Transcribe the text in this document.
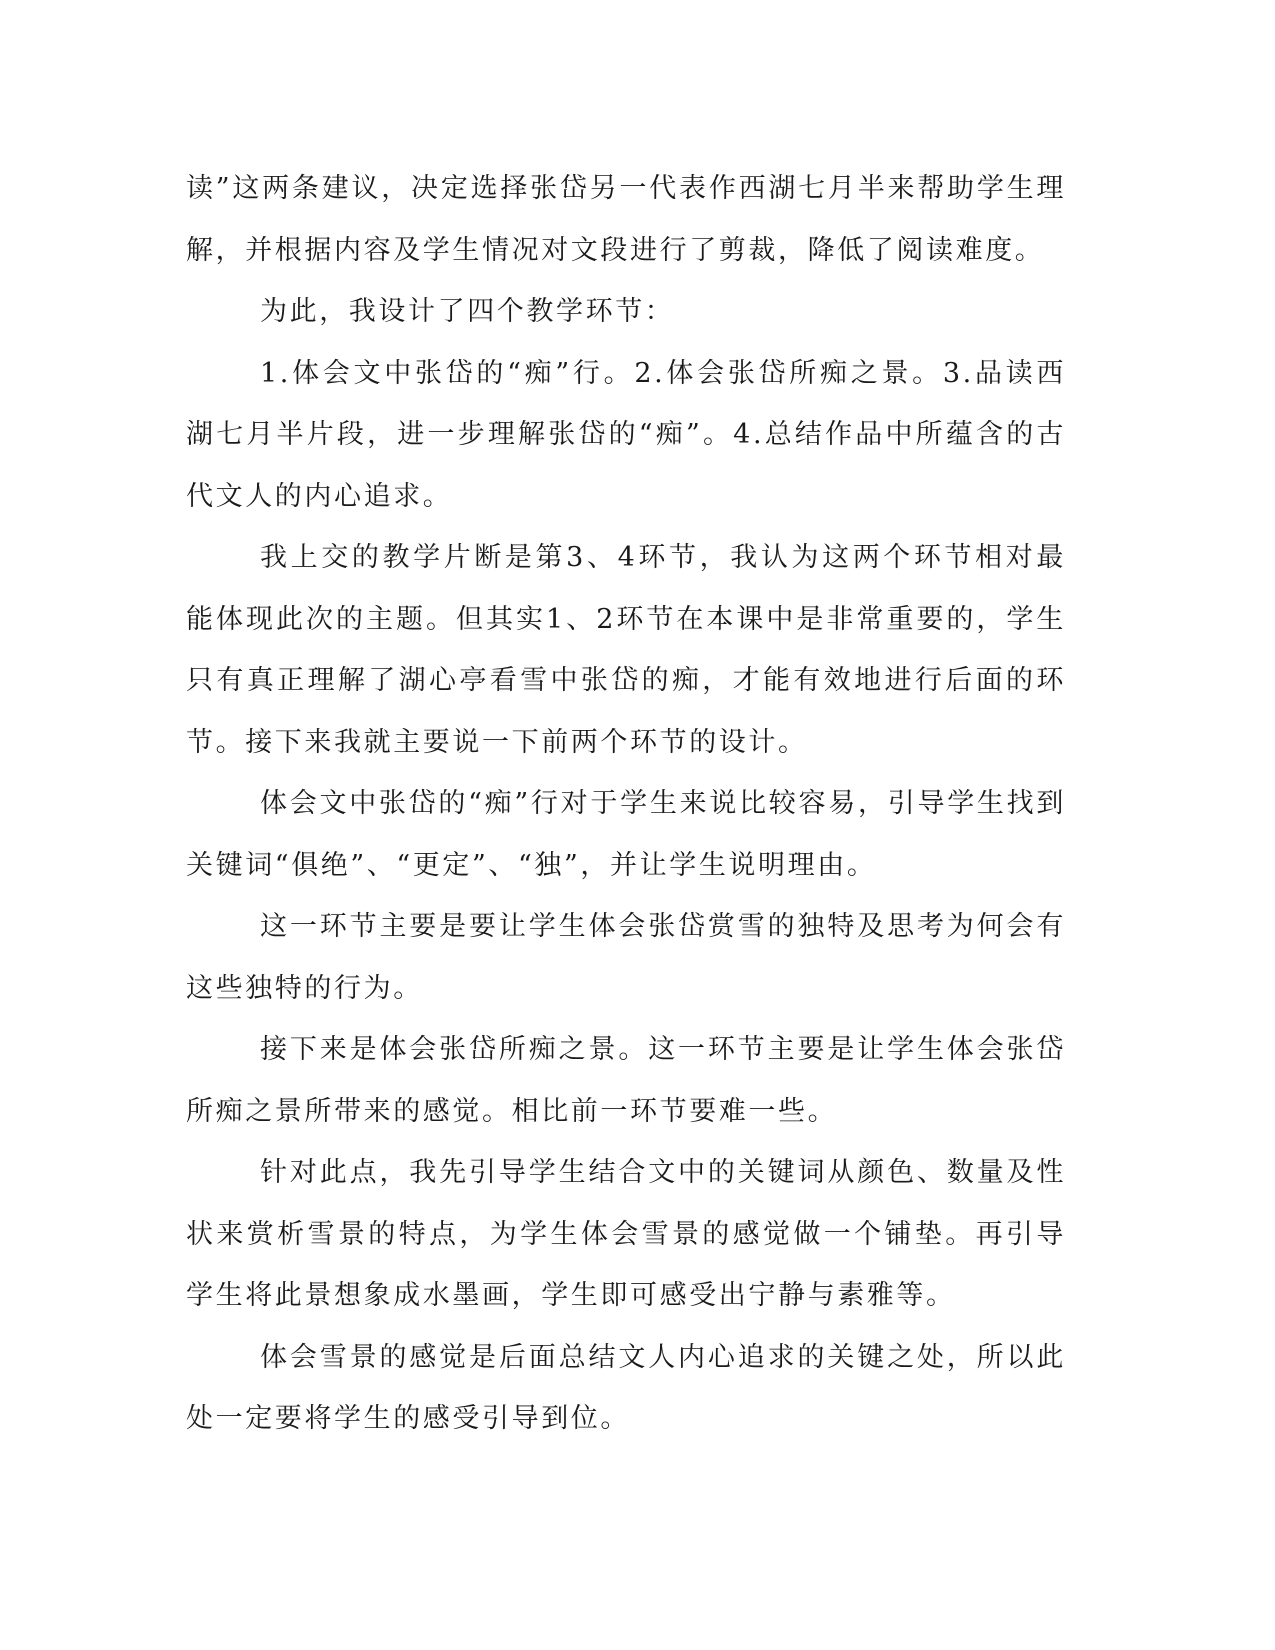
读”这两条建议，决定选择张岱另一代表作西湖七月半来帮助学生理解，并根据内容及学生情况对文段进行了剪裁，降低了阅读难度。

为此，我设计了四个教学环节：

1.体会文中张岱的“痴”行。2.体会张岱所痴之景。3.品读西湖七月半片段，进一步理解张岱的“痴”。4.总结作品中所蕴含的古代文人的内心追求。

我上交的教学片断是第3、4环节，我认为这两个环节相对最能体现此次的主题。但其实1、2环节在本课中是非常重要的，学生只有真正理解了湖心亭看雪中张岱的痴，才能有效地进行后面的环节。接下来我就主要说一下前两个环节的设计。

体会文中张岱的“痴”行对于学生来说比较容易，引导学生找到关键词“俱绝”、“更定”、“独”，并让学生说明理由。

这一环节主要是要让学生体会张岱赏雪的独特及思考为何会有这些独特的行为。

接下来是体会张岱所痴之景。这一环节主要是让学生体会张岱所痴之景所带来的感觉。相比前一环节要难一些。

针对此点，我先引导学生结合文中的关键词从颜色、数量及性状来赏析雪景的特点，为学生体会雪景的感觉做一个铺垫。再引导学生将此景想象成水墨画，学生即可感受出宁静与素雅等。

体会雪景的感觉是后面总结文人内心追求的关键之处，所以此处一定要将学生的感受引导到位。
